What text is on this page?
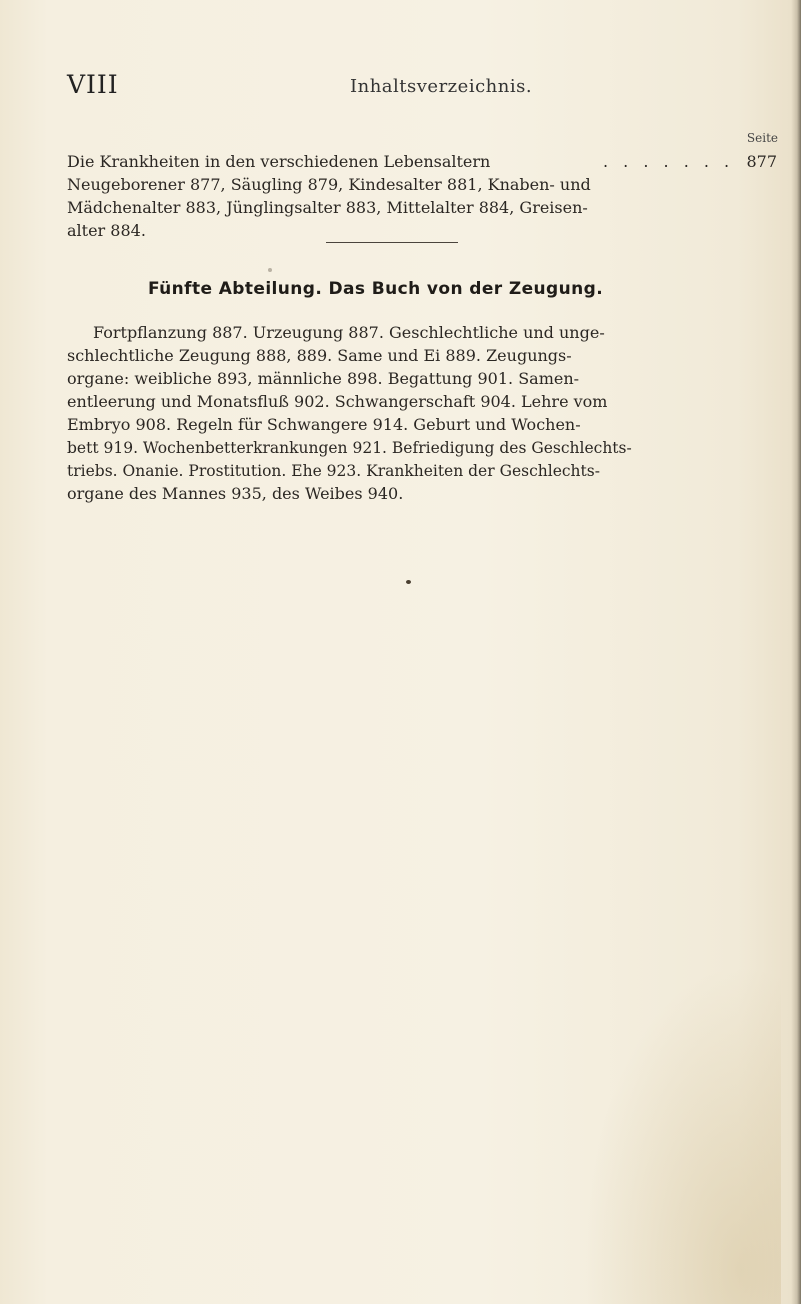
VIII	Inhaltsverzeichnis.
Seite
Die Krankheiten in den verschiedenen Lebensaltern	. . . . . . . 877
Neugeborener 877, Säugling 879, Kindesalter 881, Knaben- und
Mädchenalter 883, Jünglingsalter 883, Mittelalter 884, Greisen-
alter 884.
Fünfte Abteilung. Das Buch von der Zeugung.
Fortpflanzung 887. Urzeugung 887. Geschlechtliche und unge-
schlechtliche Zeugung 888, 889. Same und Ei 889. Zeugungs-
organe: weibliche 893, männliche 898. Begattung 901. Samen-
entleerung und Monatsfluß 902. Schwangerschaft 904. Lehre vom
Embryo 908. Regeln für Schwangere 914. Geburt und Wochen-
bett 919. Wochenbetterkrankungen 921. Befriedigung des Geschlechts-
triebs. Onanie. Prostitution. Ehe 923. Krankheiten der Geschlechts-
organe des Mannes 935, des Weibes 940.
